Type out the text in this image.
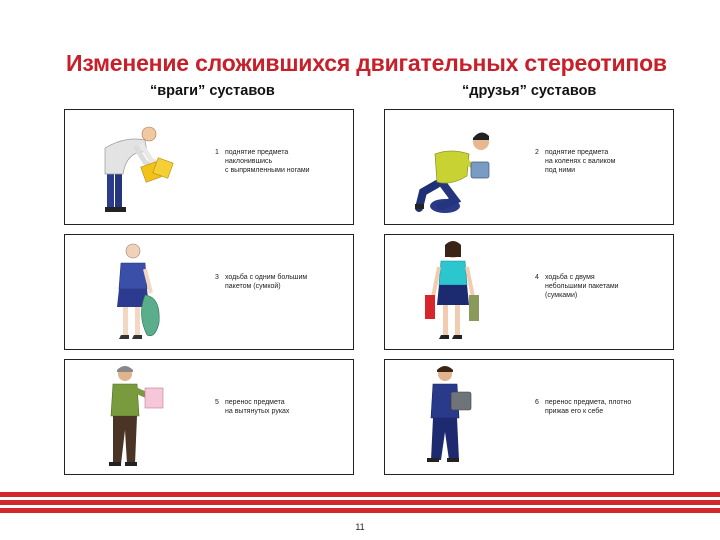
Изменение сложившихся двигательных стереотипов
“враги” суставов	“друзья” суставов

1 поднятие предмета
наклонившись
с выпрямленными ногами

2 поднятие предмета
на коленях с валиком
под ними

3 ходьба с одним большим
пакетом (сумкой)

4 ходьба с двумя
небольшими пакетами
(сумками)

5 перенос предмета
на вытянутых руках

6 перенос предмета, плотно
прижав его к себе

11
